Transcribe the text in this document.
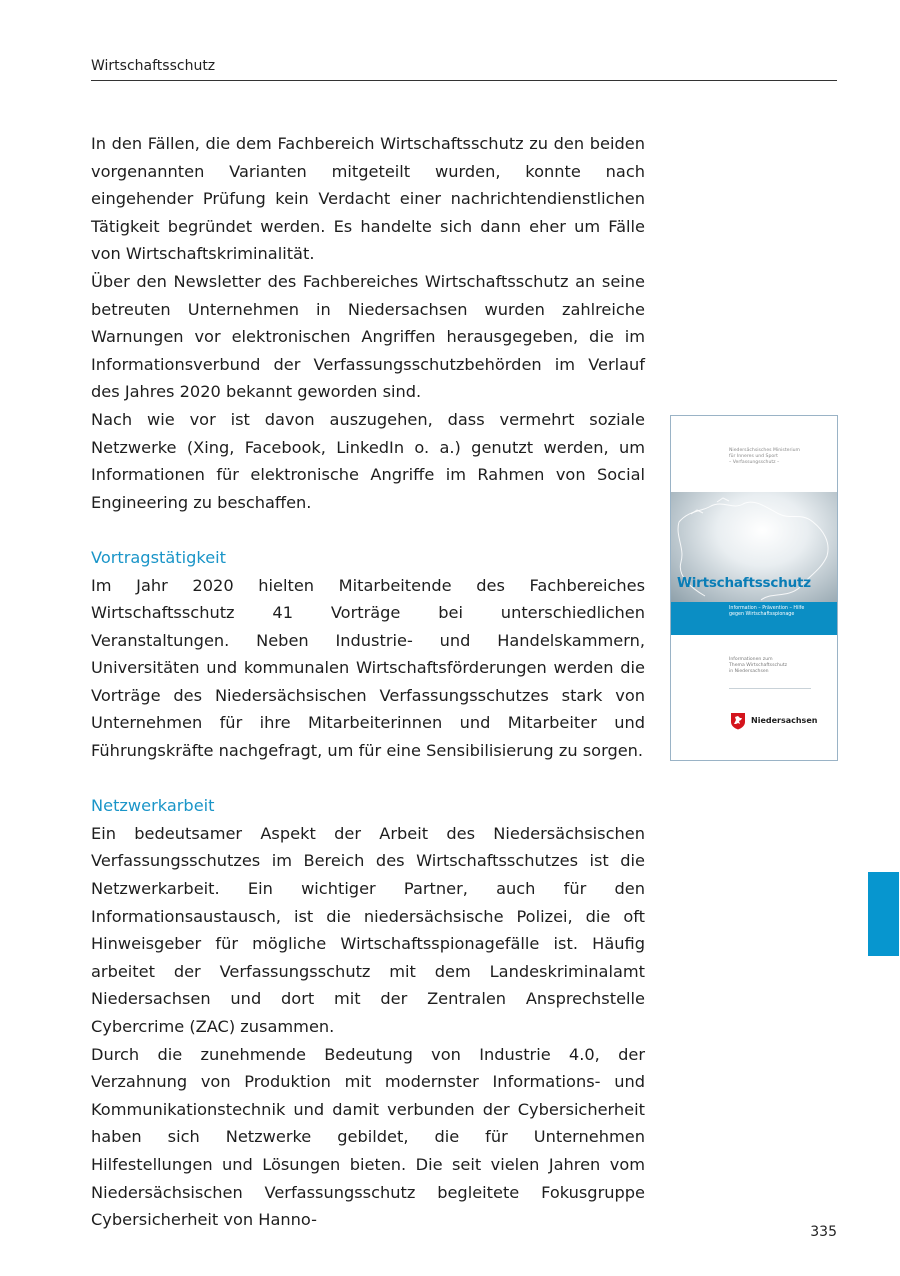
Wirtschaftsschutz

In den Fällen, die dem Fachbereich Wirtschaftsschutz zu den beiden vorgenannten Varianten mitgeteilt wurden, konnte nach eingehender Prüfung kein Verdacht einer nachrichtendienstlichen Tätigkeit begründet werden. Es handelte sich dann eher um Fälle von Wirtschaftskriminalität.

Über den Newsletter des Fachbereiches Wirtschaftsschutz an seine betreuten Unternehmen in Niedersachsen wurden zahlreiche Warnungen vor elektronischen Angriffen herausgegeben, die im Informationsverbund der Verfassungsschutzbehörden im Verlauf des Jahres 2020 bekannt geworden sind.

Nach wie vor ist davon auszugehen, dass vermehrt soziale Netzwerke (Xing, Facebook, LinkedIn o. a.) genutzt werden, um Informationen für elektronische Angriffe im Rahmen von Social Engineering zu beschaffen.

Vortragstätigkeit

Im Jahr 2020 hielten Mitarbeitende des Fachbereiches Wirtschaftsschutz 41 Vorträge bei unterschiedlichen Veranstaltungen. Neben Industrie- und Handelskammern, Universitäten und kommunalen Wirtschaftsförderungen werden die Vorträge des Niedersächsischen Verfassungsschutzes stark von Unternehmen für ihre Mitarbeiterinnen und Mitarbeiter und Führungskräfte nachgefragt, um für eine Sensibilisierung zu sorgen.

Netzwerkarbeit

Ein bedeutsamer Aspekt der Arbeit des Niedersächsischen Verfassungsschutzes im Bereich des Wirtschaftsschutzes ist die Netzwerkarbeit. Ein wichtiger Partner, auch für den Informationsaustausch, ist die niedersächsische Polizei, die oft Hinweisgeber für mögliche Wirtschaftsspionagefälle ist. Häufig arbeitet der Verfassungsschutz mit dem Landeskriminalamt Niedersachsen und dort mit der Zentralen Ansprechstelle Cybercrime (ZAC) zusammen.

Durch die zunehmende Bedeutung von Industrie 4.0, der Verzahnung von Produktion mit modernster Informations- und Kommunikationstechnik und damit verbunden der Cybersicherheit haben sich Netzwerke gebildet, die für Unternehmen Hilfestellungen und Lösungen bieten. Die seit vielen Jahren vom Niedersächsischen Verfassungsschutz begleitete Fokusgruppe Cybersicherheit von Hanno-

Niedersächsisches Ministerium
für Inneres und Sport
– Verfassungsschutz –
Wirtschaftsschutz
Information – Prävention – Hilfe
gegen Wirtschaftsspionage
Informationen zum
Thema Wirtschaftsschutz
in Niedersachsen
Niedersachsen
335
